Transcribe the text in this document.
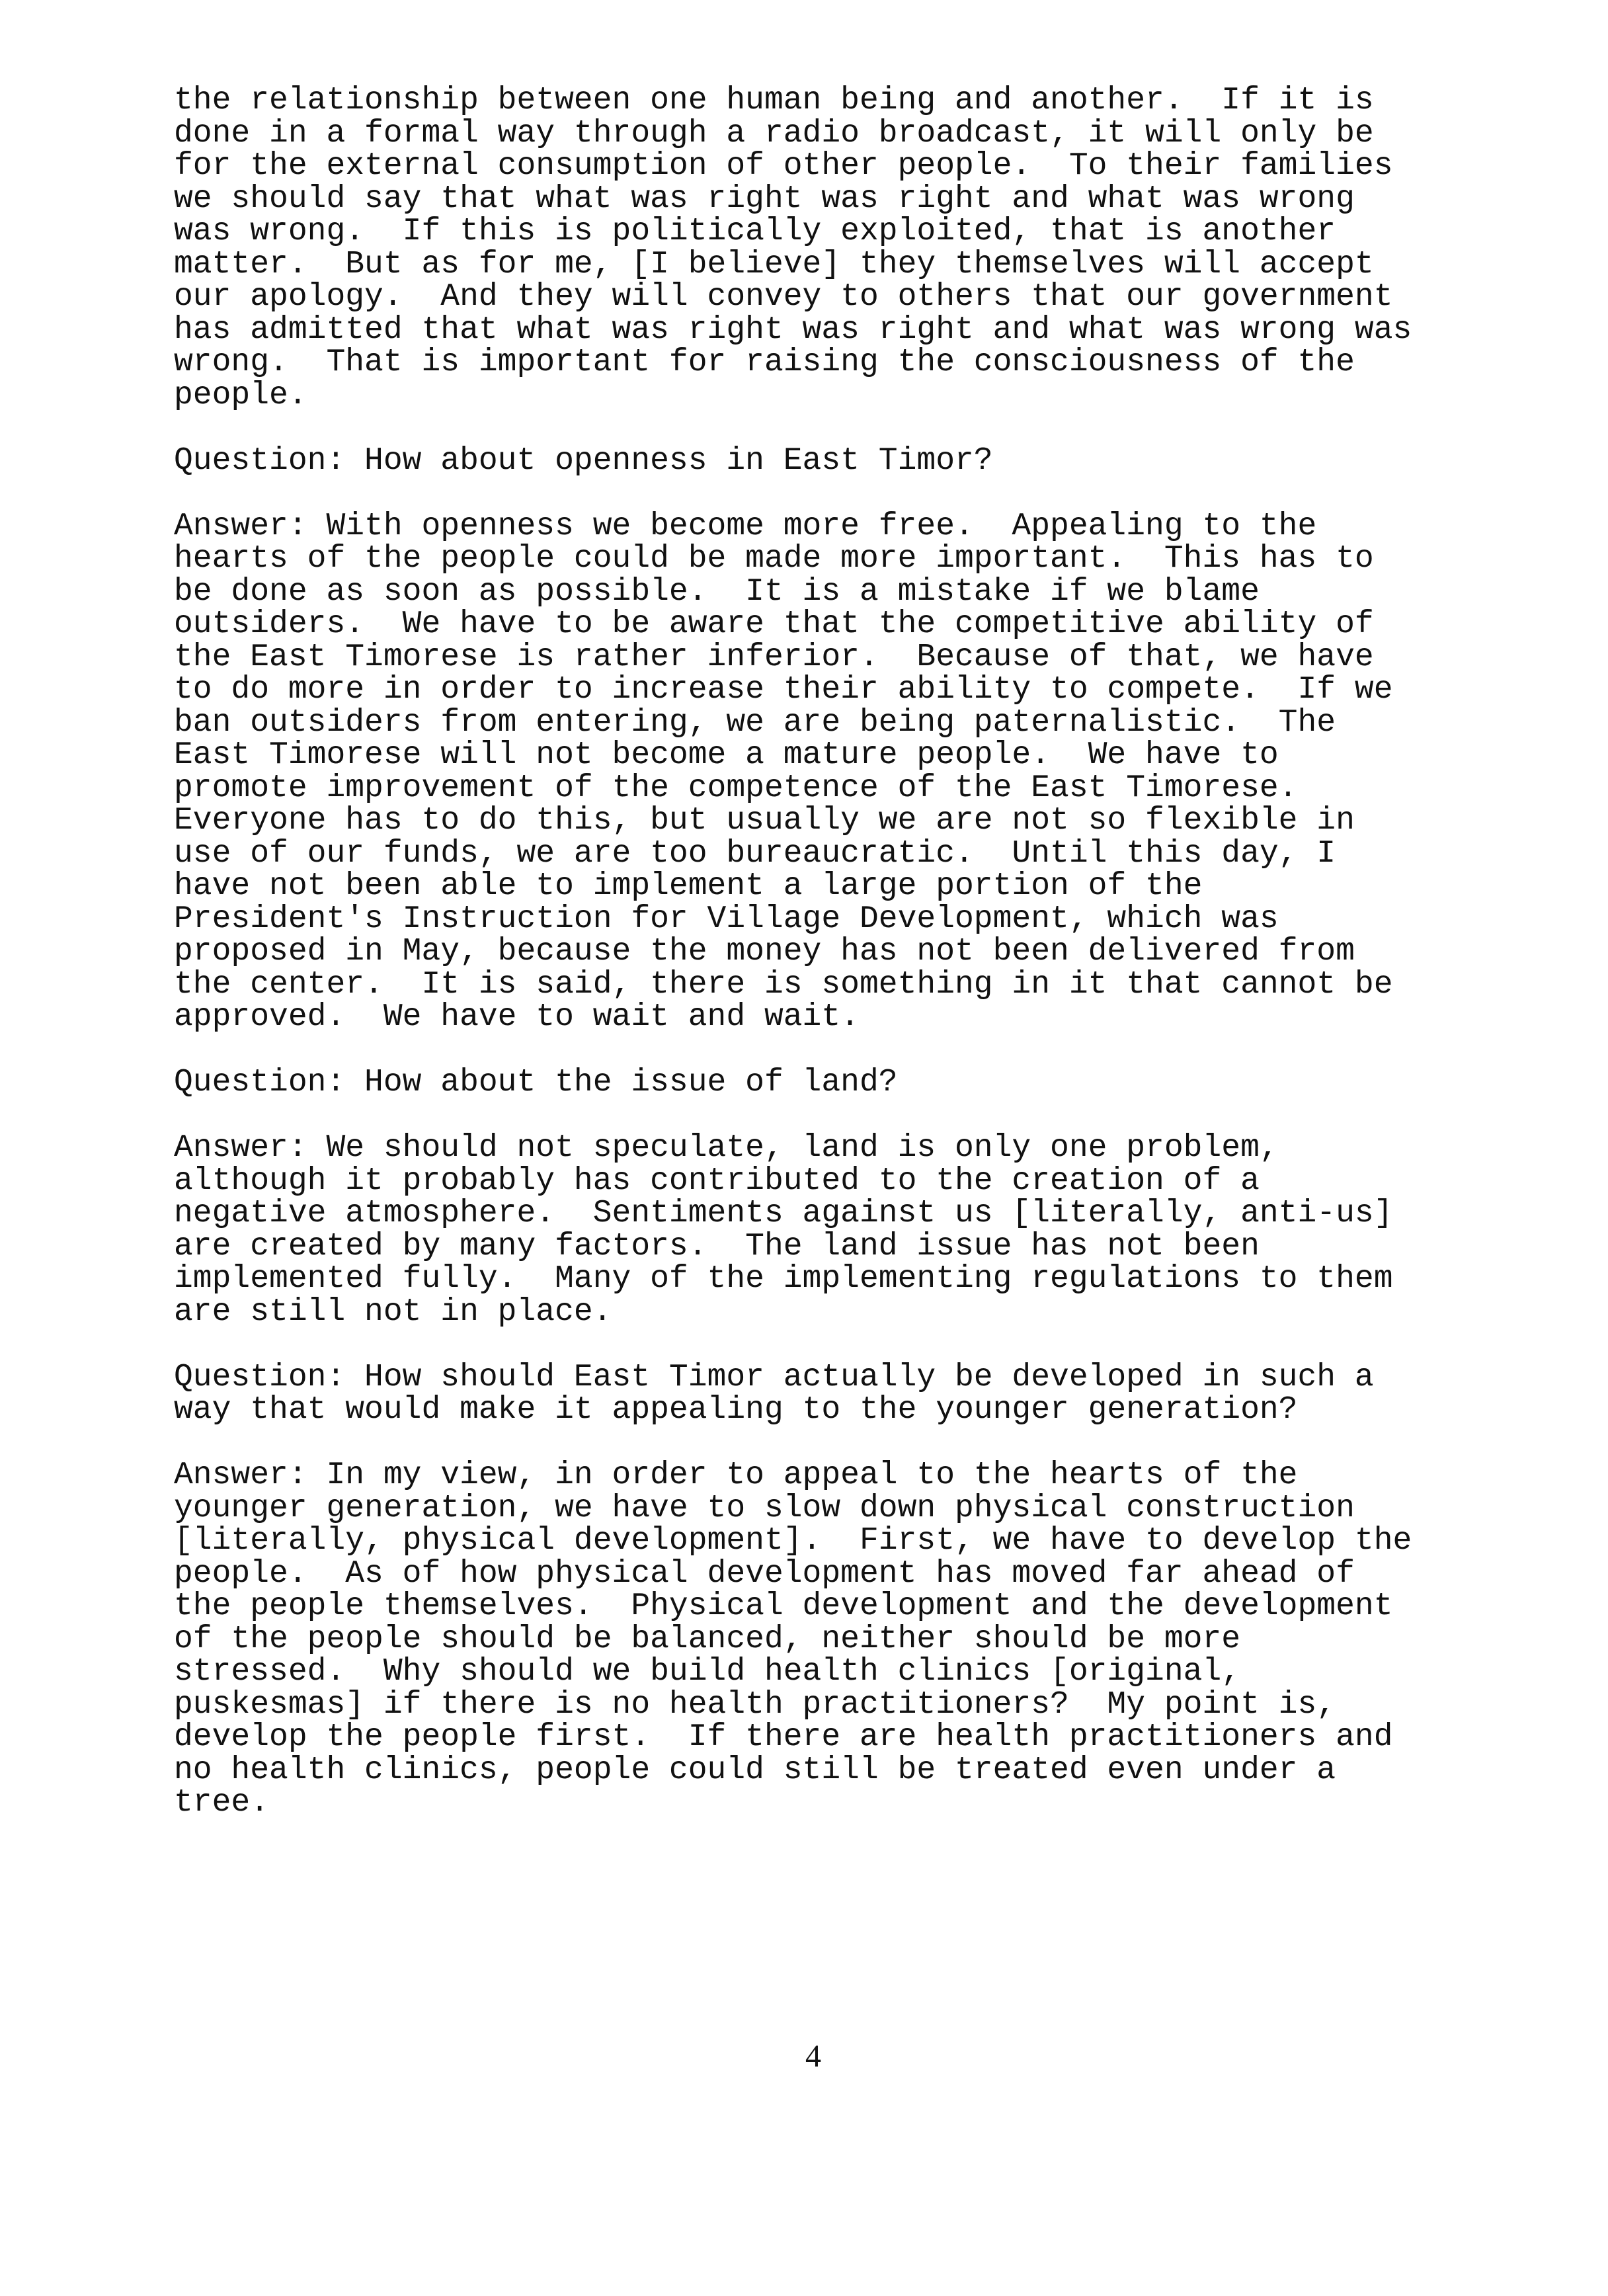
the relationship between one human being and another.  If it is
done in a formal way through a radio broadcast, it will only be
for the external consumption of other people.  To their families
we should say that what was right was right and what was wrong
was wrong.  If this is politically exploited, that is another
matter.  But as for me, [I believe] they themselves will accept
our apology.  And they will convey to others that our government
has admitted that what was right was right and what was wrong was
wrong.  That is important for raising the consciousness of the
people.
Question: How about openness in East Timor?
Answer: With openness we become more free.  Appealing to the
hearts of the people could be made more important.  This has to
be done as soon as possible.  It is a mistake if we blame
outsiders.  We have to be aware that the competitive ability of
the East Timorese is rather inferior.  Because of that, we have
to do more in order to increase their ability to compete.  If we
ban outsiders from entering, we are being paternalistic.  The
East Timorese will not become a mature people.  We have to
promote improvement of the competence of the East Timorese.
Everyone has to do this, but usually we are not so flexible in
use of our funds, we are too bureaucratic.  Until this day, I
have not been able to implement a large portion of the
President's Instruction for Village Development, which was
proposed in May, because the money has not been delivered from
the center.  It is said, there is something in it that cannot be
approved.  We have to wait and wait.
Question: How about the issue of land?
Answer: We should not speculate, land is only one problem,
although it probably has contributed to the creation of a
negative atmosphere.  Sentiments against us [literally, anti-us]
are created by many factors.  The land issue has not been
implemented fully.  Many of the implementing regulations to them
are still not in place.
Question: How should East Timor actually be developed in such a
way that would make it appealing to the younger generation?
Answer: In my view, in order to appeal to the hearts of the
younger generation, we have to slow down physical construction
[literally, physical development].  First, we have to develop the
people.  As of how physical development has moved far ahead of
the people themselves.  Physical development and the development
of the people should be balanced, neither should be more
stressed.  Why should we build health clinics [original,
puskesmas] if there is no health practitioners?  My point is,
develop the people first.  If there are health practitioners and
no health clinics, people could still be treated even under a
tree.
4
